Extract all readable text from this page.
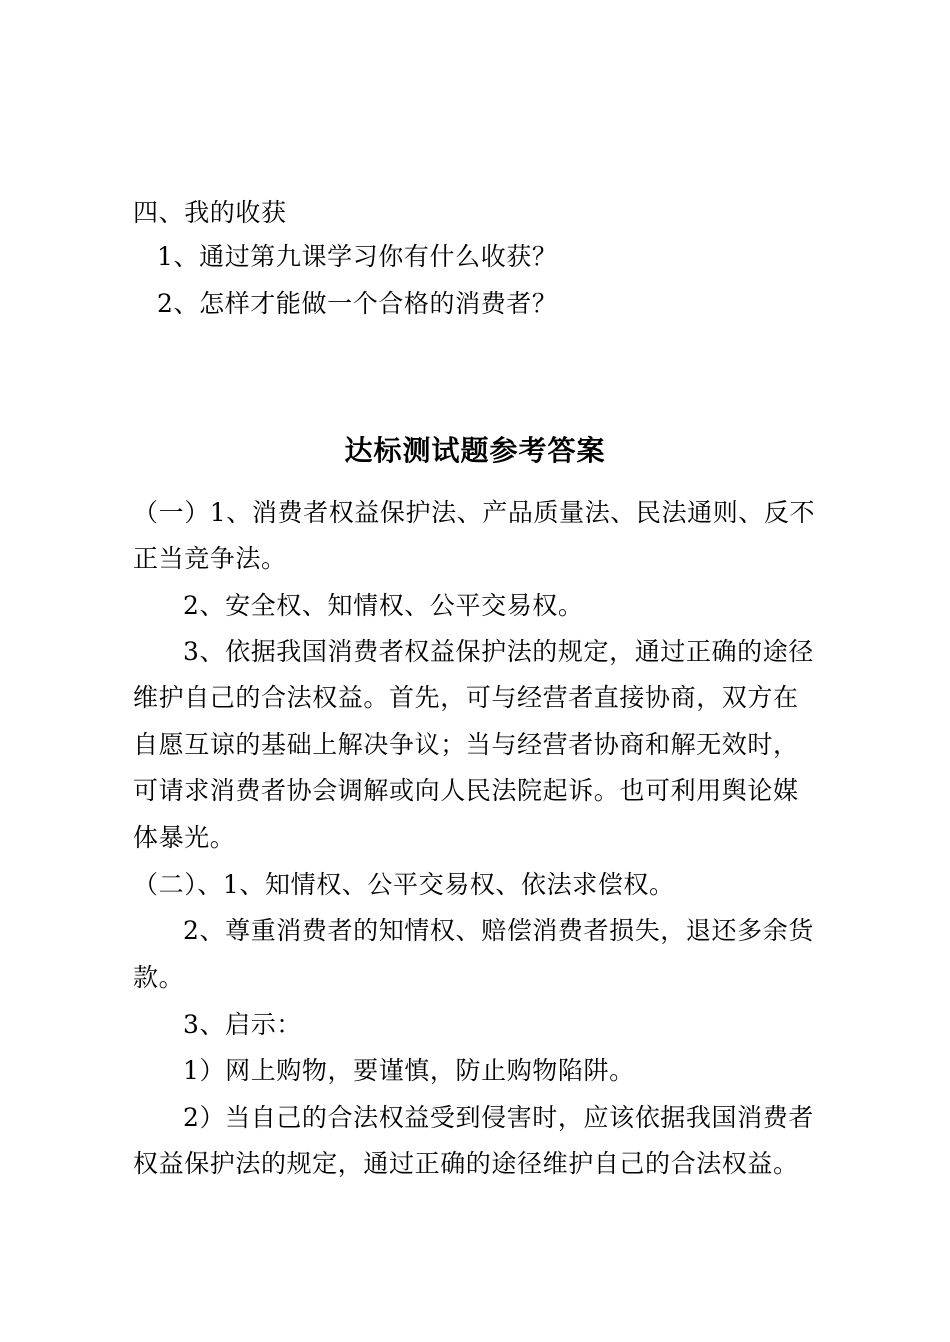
四、我的收获
1、通过第九课学习你有什么收获？
2、怎样才能做一个合格的消费者？
达标测试题参考答案
（一）1、消费者权益保护法、产品质量法、民法通则、反不
正当竞争法。
2、安全权、知情权、公平交易权。
3、依据我国消费者权益保护法的规定，通过正确的途径
维护自己的合法权益。首先，可与经营者直接协商，双方在
自愿互谅的基础上解决争议；当与经营者协商和解无效时，
可请求消费者协会调解或向人民法院起诉。也可利用舆论媒
体暴光。
（二）、1、知情权、公平交易权、依法求偿权。
2、尊重消费者的知情权、赔偿消费者损失，退还多余货
款。
3、启示：
1）网上购物，要谨慎，防止购物陷阱。
2）当自己的合法权益受到侵害时，应该依据我国消费者
权益保护法的规定，通过正确的途径维护自己的合法权益。
